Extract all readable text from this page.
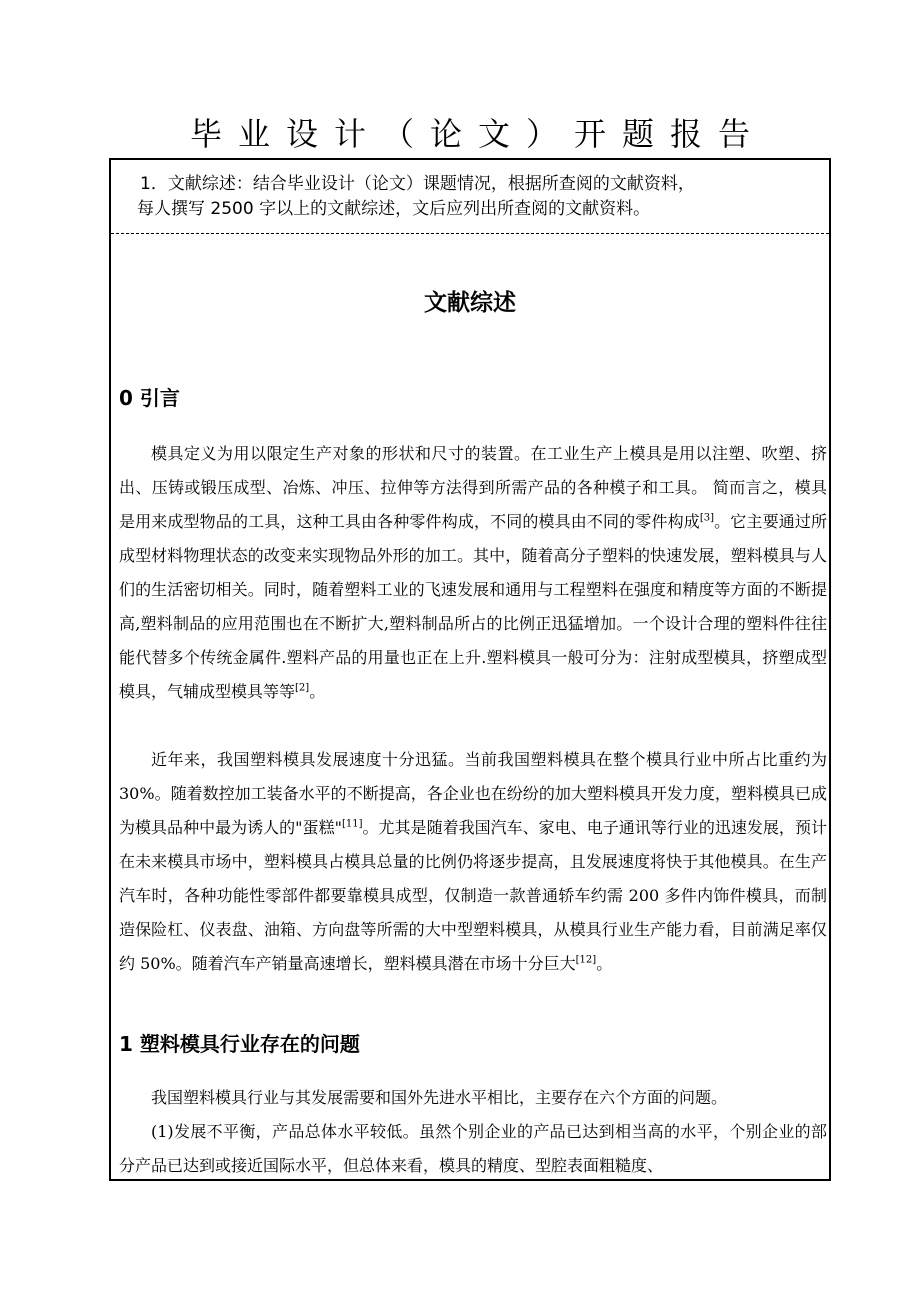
毕业设计（论文）开题报告
1．文献综述：结合毕业设计（论文）课题情况，根据所查阅的文献资料，
每人撰写 2500 字以上的文献综述，文后应列出所查阅的文献资料。
文献综述
0 引言

模具定义为用以限定生产对象的形状和尺寸的装置。在工业生产上模具是用以注塑、吹塑、挤出、压铸或锻压成型、冶炼、冲压、拉伸等方法得到所需产品的各种模子和工具。 简而言之，模具是用来成型物品的工具，这种工具由各种零件构成，不同的模具由不同的零件构成[3]。它主要通过所成型材料物理状态的改变来实现物品外形的加工。其中，随着高分子塑料的快速发展，塑料模具与人们的生活密切相关。同时，随着塑料工业的飞速发展和通用与工程塑料在强度和精度等方面的不断提高,塑料制品的应用范围也在不断扩大,塑料制品所占的比例正迅猛增加。一个设计合理的塑料件往往能代替多个传统金属件.塑料产品的用量也正在上升.塑料模具一般可分为：注射成型模具，挤塑成型模具，气辅成型模具等等[2]。

近年来，我国塑料模具发展速度十分迅猛。当前我国塑料模具在整个模具行业中所占比重约为 30%。随着数控加工装备水平的不断提高，各企业也在纷纷的加大塑料模具开发力度，塑料模具已成为模具品种中最为诱人的"蛋糕"[11]。尤其是随着我国汽车、家电、电子通讯等行业的迅速发展，预计在未来模具市场中，塑料模具占模具总量的比例仍将逐步提高，且发展速度将快于其他模具。在生产汽车时，各种功能性零部件都要靠模具成型，仅制造一款普通轿车约需 200 多件内饰件模具，而制造保险杠、仪表盘、油箱、方向盘等所需的大中型塑料模具，从模具行业生产能力看，目前满足率仅约 50%。随着汽车产销量高速增长，塑料模具潜在市场十分巨大[12]。

1 塑料模具行业存在的问题

我国塑料模具行业与其发展需要和国外先进水平相比，主要存在六个方面的问题。

(1)发展不平衡，产品总体水平较低。虽然个别企业的产品已达到相当高的水平，个别企业的部分产品已达到或接近国际水平，但总体来看，模具的精度、型腔表面粗糙度、
